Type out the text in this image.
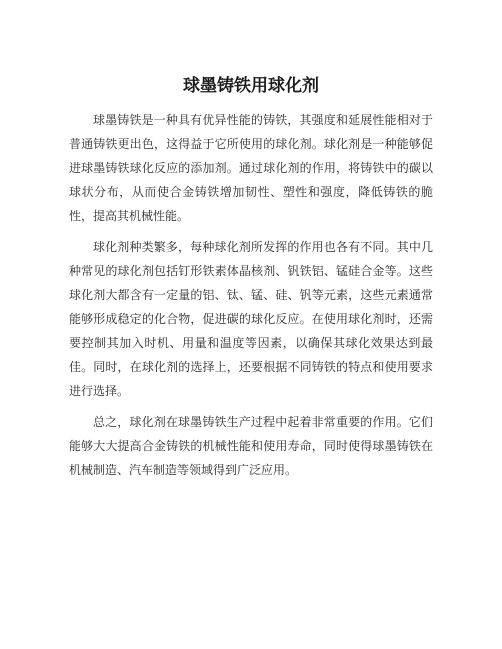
球墨铸铁用球化剂

球墨铸铁是一种具有优异性能的铸铁，其强度和延展性能相对于普通铸铁更出色，这得益于它所使用的球化剂。球化剂是一种能够促进球墨铸铁球化反应的添加剂。通过球化剂的作用，将铸铁中的碳以球状分布，从而使合金铸铁增加韧性、塑性和强度，降低铸铁的脆性，提高其机械性能。

球化剂种类繁多，每种球化剂所发挥的作用也各有不同。其中几种常见的球化剂包括钉形铁素体晶核剂、钒铁铝、锰硅合金等。这些球化剂大都含有一定量的铝、钛、锰、硅、钒等元素，这些元素通常能够形成稳定的化合物，促进碳的球化反应。在使用球化剂时，还需要控制其加入时机、用量和温度等因素，以确保其球化效果达到最佳。同时，在球化剂的选择上，还要根据不同铸铁的特点和使用要求进行选择。

总之，球化剂在球墨铸铁生产过程中起着非常重要的作用。它们能够大大提高合金铸铁的机械性能和使用寿命，同时使得球墨铸铁在机械制造、汽车制造等领域得到广泛应用。
